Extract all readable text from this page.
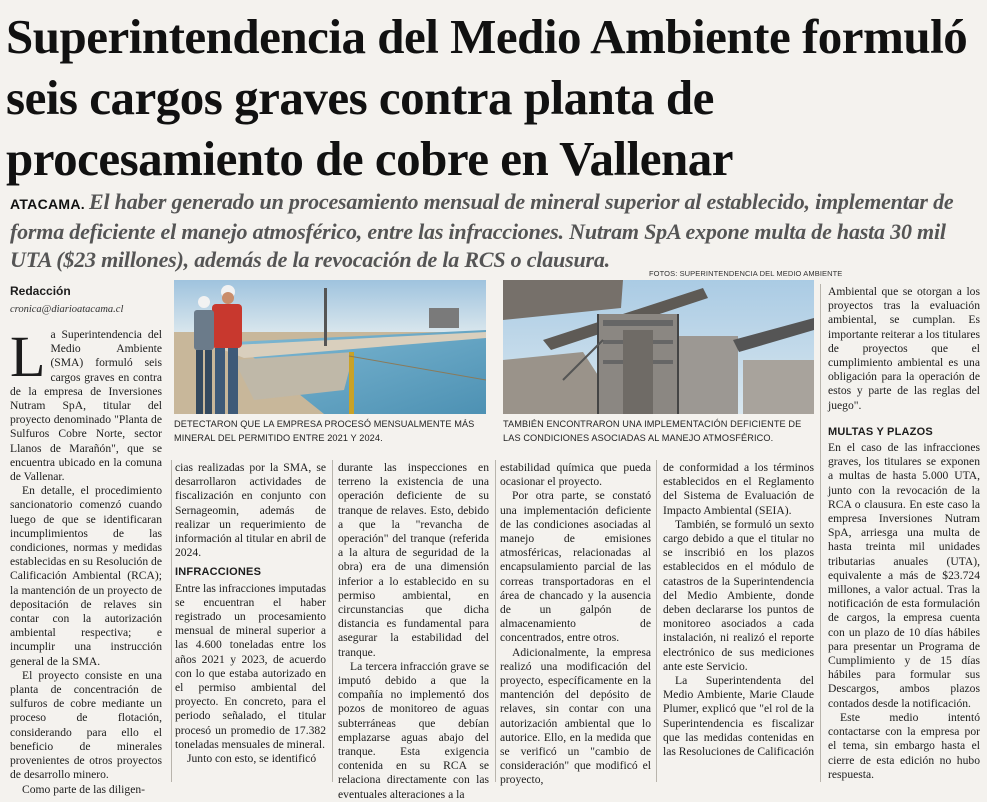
Superintendencia del Medio Ambiente formuló seis cargos graves contra planta de procesamiento de cobre en Vallenar

ATACAMA. El haber generado un procesamiento mensual de mineral superior al establecido, implementar de forma deficiente el manejo atmosférico, entre las infracciones. Nutram SpA expone multa de hasta 30 mil UTA ($23 millones), además de la revocación de la RCS o clausura.

FOTOS: SUPERINTENDENCIA DEL MEDIO AMBIENTE
Redacción
cronica@diarioatacama.cl
DETECTARON QUE LA EMPRESA PROCESÓ MENSUALMENTE MÁS MINERAL DEL PERMITIDO ENTRE 2021 Y 2024.
TAMBIÉN ENCONTRARON UNA IMPLEMENTACIÓN DEFICIENTE DE LAS CONDICIONES ASOCIADAS AL MANEJO ATMOSFÉRICO.

La Superintendencia del Medio Ambiente (SMA) formuló seis cargos graves en contra de la empresa de Inversiones Nutram SpA, titular del proyecto denominado "Planta de Sulfuros Cobre Norte, sector Llanos de Marañón", que se encuentra ubicado en la comuna de Vallenar.

En detalle, el procedimiento sancionatorio comenzó cuando luego de que se identificaran incumplimientos de las condiciones, normas y medidas establecidas en su Resolución de Calificación Ambiental (RCA); la mantención de un proyecto de depositación de relaves sin contar con la autorización ambiental respectiva; e incumplir una instrucción general de la SMA.

El proyecto consiste en una planta de concentración de sulfuros de cobre mediante un proceso de flotación, considerando para ello el beneficio de minerales provenientes de otros proyectos de desarrollo minero.

Como parte de las diligen-

cias realizadas por la SMA, se desarrollaron actividades de fiscalización en conjunto con Sernageomin, además de realizar un requerimiento de información al titular en abril de 2024.

INFRACCIONES

Entre las infracciones imputadas se encuentran el haber registrado un procesamiento mensual de mineral superior a las 4.600 toneladas entre los años 2021 y 2023, de acuerdo con lo que estaba autorizado en el permiso ambiental del proyecto. En concreto, para el periodo señalado, el titular procesó un promedio de 17.382 toneladas mensuales de mineral.

Junto con esto, se identificó

durante las inspecciones en terreno la existencia de una operación deficiente de su tranque de relaves. Esto, debido a que la "revancha de operación" del tranque (referida a la altura de seguridad de la obra) era de una dimensión inferior a lo establecido en su permiso ambiental, en circunstancias que dicha distancia es fundamental para asegurar la estabilidad del tranque.

La tercera infracción grave se imputó debido a que la compañía no implementó dos pozos de monitoreo de aguas subterráneas que debían emplazarse aguas abajo del tranque. Esta exigencia contenida en su RCA se relaciona directamente con las eventuales alteraciones a la

estabilidad química que pueda ocasionar el proyecto.

Por otra parte, se constató una implementación deficiente de las condiciones asociadas al manejo de emisiones atmosféricas, relacionadas al encapsulamiento parcial de las correas transportadoras en el área de chancado y la ausencia de un galpón de almacenamiento de concentrados, entre otros.

Adicionalmente, la empresa realizó una modificación del proyecto, específicamente en la mantención del depósito de relaves, sin contar con una autorización ambiental que lo autorice. Ello, en la medida que se verificó un "cambio de consideración" que modificó el proyecto,

de conformidad a los términos establecidos en el Reglamento del Sistema de Evaluación de Impacto Ambiental (SEIA).

También, se formuló un sexto cargo debido a que el titular no se inscribió en los plazos establecidos en el módulo de catastros de la Superintendencia del Medio Ambiente, donde deben declararse los puntos de monitoreo asociados a cada instalación, ni realizó el reporte electrónico de sus mediciones ante este Servicio.

La Superintendenta del Medio Ambiente, Marie Claude Plumer, explicó que "el rol de la Superintendencia es fiscalizar que las medidas contenidas en las Resoluciones de Calificación

Ambiental que se otorgan a los proyectos tras la evaluación ambiental, se cumplan. Es importante reiterar a los titulares de proyectos que el cumplimiento ambiental es una obligación para la operación de estos y parte de las reglas del juego".

MULTAS Y PLAZOS

En el caso de las infracciones graves, los titulares se exponen a multas de hasta 5.000 UTA, junto con la revocación de la RCA o clausura. En este caso la empresa Inversiones Nutram SpA, arriesga una multa de hasta treinta mil unidades tributarias anuales (UTA), equivalente a más de $23.724 millones, a valor actual. Tras la notificación de esta formulación de cargos, la empresa cuenta con un plazo de 10 días hábiles para presentar un Programa de Cumplimiento y de 15 días hábiles para formular sus Descargos, ambos plazos contados desde la notificación.

Este medio intentó contactarse con la empresa por el tema, sin embargo hasta el cierre de esta edición no hubo respuesta.
